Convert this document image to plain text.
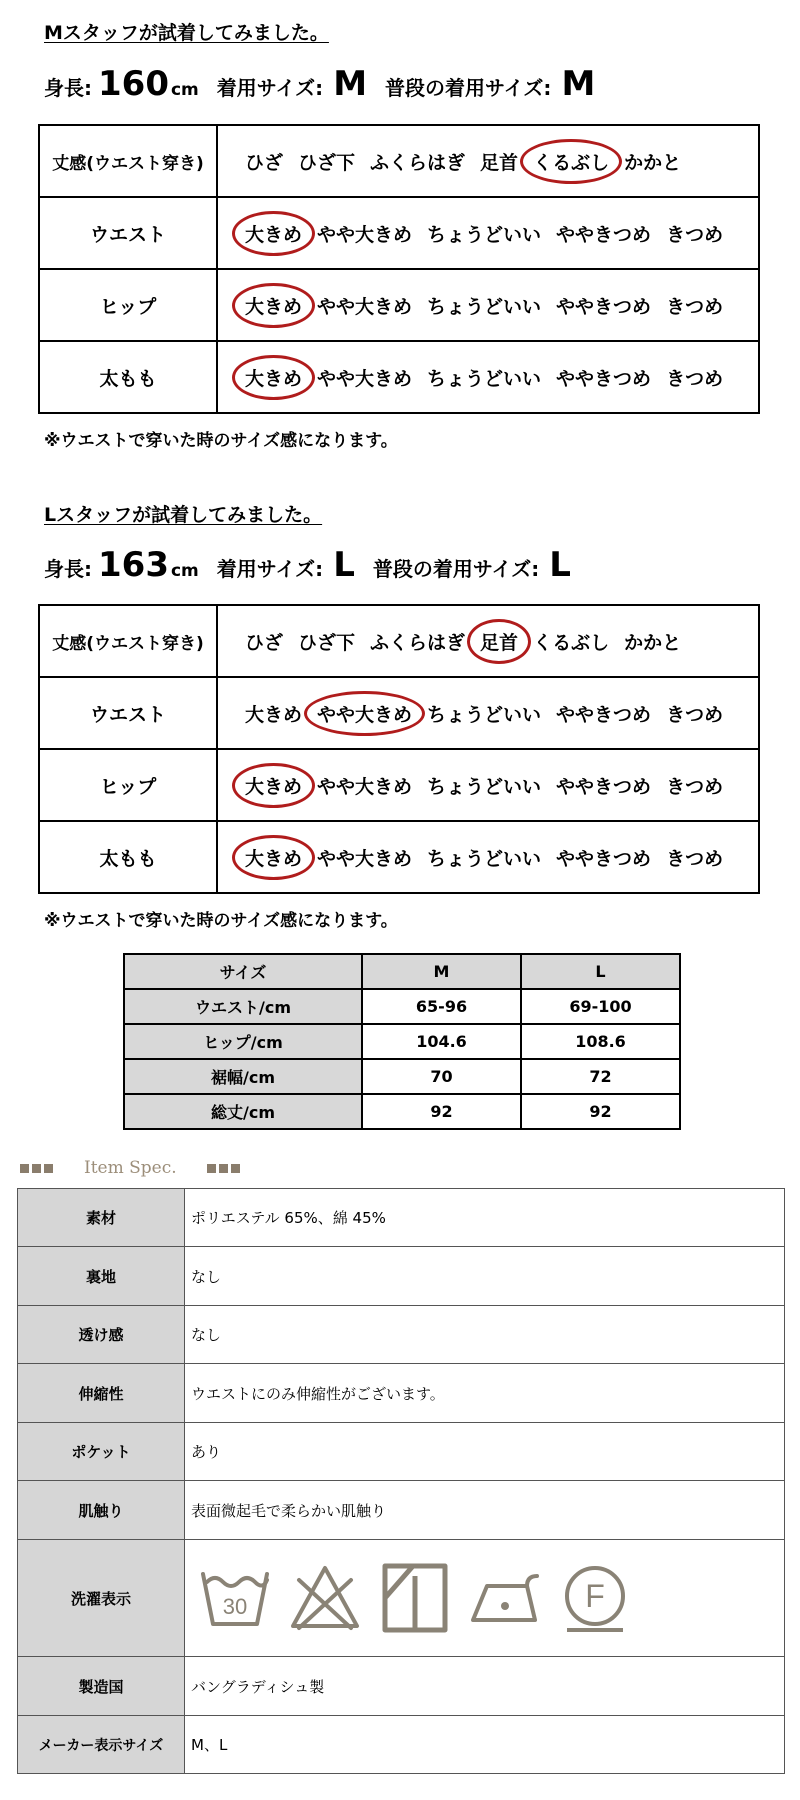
Mスタッフが試着してみました。
身長: 160 cm 着用サイズ: M 普段の着用サイズ: M
丈感(ウエスト穿き)	ひざ ひざ下 ふくらはぎ 足首 くるぶし かかと
ウエスト	大きめ やや大きめ ちょうどいい ややきつめ きつめ
ヒップ	大きめ やや大きめ ちょうどいい ややきつめ きつめ
太もも	大きめ やや大きめ ちょうどいい ややきつめ きつめ
※ウエストで穿いた時のサイズ感になります。
Lスタッフが試着してみました。
身長: 163 cm 着用サイズ: L 普段の着用サイズ: L
丈感(ウエスト穿き)	ひざ ひざ下 ふくらはぎ 足首 くるぶし かかと
ウエスト	大きめ やや大きめ ちょうどいい ややきつめ きつめ
ヒップ	大きめ やや大きめ ちょうどいい ややきつめ きつめ
太もも	大きめ やや大きめ ちょうどいい ややきつめ きつめ
※ウエストで穿いた時のサイズ感になります。
サイズ	M	L
ウエスト/cm	65-96	69-100
ヒップ/cm	104.6	108.6
裾幅/cm	70	72
総丈/cm	92	92
Item Spec.
素材	ポリエステル 65%、綿 45%
裏地	なし
透け感	なし
伸縮性	ウエストにのみ伸縮性がございます。
ポケット	あり
肌触り	表面微起毛で柔らかい肌触り
洗濯表示	30 F

製造国	バングラディシュ製
メーカー表示サイズ	M、L
